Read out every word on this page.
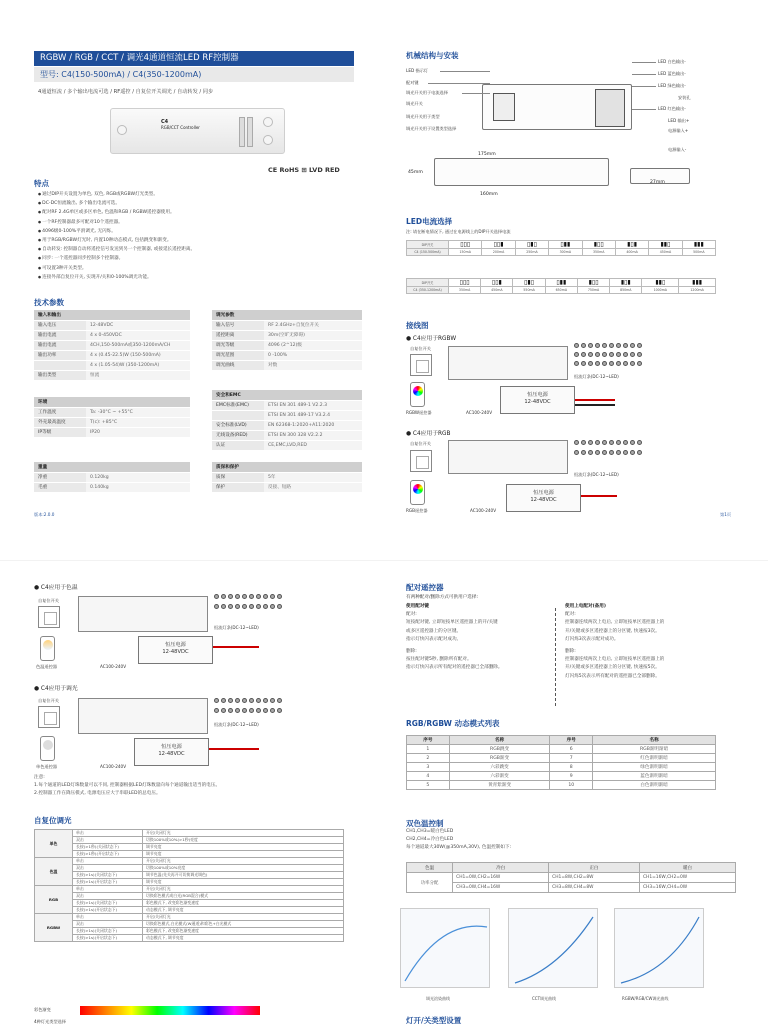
RGBW / RGB / CCT / 调光4通道恒流LED RF控制器
型号: C4(150-500mA) / C4(350-1200mA)
4通道恒流 / 多个输出电流可选 / RF遥控 / 自复位开关调光 / 自动转发 / 同步
C4
RGB/CCT Controller
CE RoHS ⊞ LVD RED
特点
● 通过DIP开关设置为单色, 双色, RGB或RGBW灯光类型。
● DC-DC恒流输出, 多个输出电流可选。
● 配对RF 2.4G单区或多区单色, 色温和RGB / RGBW遥控器使用。
● 一个RF控制器最多可配对10个遥控器。
● 4096级0-100%平滑调光, 无闪烁。
● 用于RGB/RGBW灯光时, 内置10种动态模式, 包括跳变和渐变。
● 自动转发: 控制器自动将遥控信号发送到另一个控制器, 或接延长遥控距离。
● 同步: 一个遥控器同步控制多个控制器。
● 可设置3种开关类型。
● 连接外部自复位开关, 实现开/关和0-100%调光功能。
技术参数
输入和输出	
输入电压	12-48VDC
输出电流	4 x 0-450VDC
输出电流	4CH,150-500mA或350-1200mA/CH
输出功率	4 x (0.45-22.5)W (150-500mA)
	4 x (1.05-54)W (350-1200mA)
输出类型	恒流
环境	
工作温度	Ta: -30°C ~ +55°C
外壳最高温度	T(c): +85°C
IP等级	IP20
重量	
净重	0.120kg
毛重	0.140kg
调光参数	
输入信号	RF 2.4GHz+自复位开关
遥控距离	30m(空旷无障碍)
调光等级	4096 (2^12)级
调光范围	0 -100%
调光曲线	对数
安全和EMC	
EMC标准(EMC)	ETSI EN 301 489-1 V2.2.3
	ETSI EN 301 489-17 V3.2.4
安全标准(LVD)	EN 62368-1:2020+A11:2020
无线设备(RED)	ETSI EN 300 328 V2.2.2
认证	CE,EMC,LVD,RED
质保和保护	
质保	5年
保护	反接、短路
版本:2.0.0	第1页
机械结构与安装
LED 指示灯
配对键
调光开关用于电流选择
调光开关
调光开关用于类型
调光开关用于设置类型选择
LED 白色输出-
LED 蓝色输出-
LED 绿色输出-
安装孔
LED 红色输出-
LED 输出+
电源输入+
电源输入-
175mm
45mm
27mm
160mm
LED电流选择
注: 请在断电情况下, 通过在电源线上的DIP开关选择电流
DIP开关	▯▯▯	▯▯▮	▯▮▯	▯▮▮	▮▯▯	▮▯▮	▮▮▯	▮▮▮
C4 (150-500mA)	150mA	200mA	250mA	300mA	350mA	400mA	450mA	500mA
DIP开关	▯▯▯	▯▯▮	▯▮▯	▯▮▮	▮▯▯	▮▯▮	▮▮▯	▮▮▮
C4 (350-1200mA)	350mA	450mA	550mA	650mA	750mA	850mA	1000mA	1200mA
接线图
● C4应用于RGBW
自复位开关
恒流灯条(DC-12~LED)
RGBW遥控器
恒压电源
12-48VDC
AC100-240V
● C4应用于RGB
自复位开关
恒流灯条(DC-12~LED)
RGB遥控器
恒压电源
12-48VDC
AC100-240V
● C4应用于色温
自复位开关
恒流灯条(DC-12~LED)
色温遥控器
恒压电源
12-48VDC
AC100-240V
● C4应用于调光
自复位开关
恒流灯条(DC-12~LED)
单色遥控器
恒压电源
12-48VDC
AC100-240V
注意:
1.每个通道的LED灯珠数量可以不同, 控制器根据LED灯珠数量向每个通道输出适当的电压。
2.控制器工作在降压模式, 电源电压应大于串联LED的总电压。
自复位调光
单色	单击	开启/关闭灯光
	双击	切换100%或10%(>1秒)亮度
	长按(>1秒)(关闭状态下)	调节亮度
	长按(>1秒)(开启状态下)	调节亮度
色温	单击	开启/关闭灯光
	双击	切换100%或10%亮度
	长按(>1s)(关闭状态下)	调节色温(先关再开可切换调光调色)
	长按(>1s)(开启状态下)	调节亮度
RGB	单击	开启/关闭灯光
	双击	切换彩色模式或白光(RGB混合)模式
	长按(>1s)(关闭状态下)	彩色模式下, 改变彩色渐变速度
	长按(>1s)(开启状态下)	动态模式下, 调节亮度
RGBW	单击	开启/关闭灯光
	双击	切换彩色模式,白光模式(W通道)和彩色+白光模式
	长按(>1s)(关闭状态下)	彩色模式下, 改变彩色渐变速度
	长按(>1s)(开启状态下)	动态模式下, 调节亮度
彩色渐变
4种灯光类型选择
配对遥控器
有两种配对/删除方式可供用户选择:
使用配对键
配对:
短按配对键, 立即短按单区遥控器上的开/关键
或多区遥控器上的分区键。
指示灯快闪表示配对成功。
删除:
按住配对键5秒, 删除所有配对。
指示灯快闪表示所有配对的遥控器已全部删除。
使用上电配对(备用)
配对:
控制器连续两次上电后, 立即短按单区遥控器上的
开/关键或多区遥控器上的分区键, 快速按3次。
灯闪烁3次表示配对成功。
删除:
控制器连续两次上电后, 立即短按单区遥控器上的
开/关键或多区遥控器上的分区键, 快速按5次。
灯闪烁5次表示所有配对的遥控器已全部删除。
RGB/RGBW 动态模式列表
序号	名称	序号	名称
1	RGB跳变	6	RGB渐明渐暗
2	RGB渐变	7	红色渐明渐暗
3	六彩跳变	8	绿色渐明渐暗
4	六彩渐变	9	蓝色渐明渐暗
5	黄青紫渐变	10	白色渐明渐暗
双色温控制
CH1,CH3=暖白色LED
CH2,CH4=冷白色LED
每个通道最大30W(@350mA,30V), 色温控制如下:
色温	冷白	正白	暖白
功率分配	CH1=0W,CH2=16W	CH1=8W,CH2=8W	CH1=16W,CH2=0W
	CH3=0W,CH4=16W	CH3=8W,CH4=8W	CH3=16W,CH4=0W
调光渲染曲线	CCT调光曲线	RGBW/RGB/CW调光曲线
灯开/关类型设置
